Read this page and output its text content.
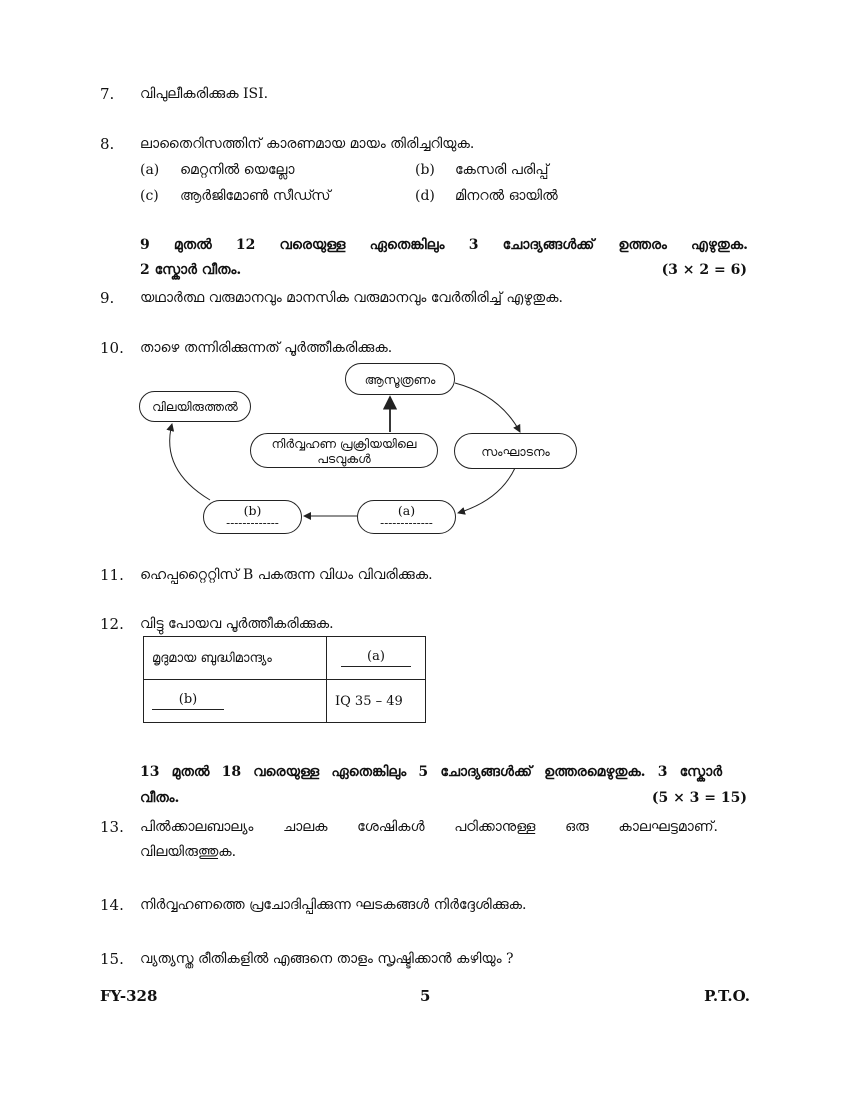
7. വിപുലീകരിക്കുക ISI.
8. ലാതൈറിസത്തിന് കാരണമായ മായം തിരിച്ചറിയുക.
(a) മെറ്റനിൽ യെല്ലോ	(b) കേസരി പരിപ്പ്
(c) ആർജിമോൺ സീഡ്സ്	(d) മിനറൽ ഓയിൽ
9 മുതൽ 12 വരെയുള്ള ഏതെങ്കിലും 3 ചോദ്യങ്ങൾക്ക് ഉത്തരം എഴുതുക.
2 സ്കോർ വീതം.	(3 × 2 = 6)
9. യഥാർത്ഥ വരുമാനവും മാനസിക വരുമാനവും വേർതിരിച്ച് എഴുതുക.
10. താഴെ തന്നിരിക്കുന്നത് പൂർത്തീകരിക്കുക.
ആസൂത്രണം
സംഘാടനം
വിലയിരുത്തൽ
നിർവ്വഹണ പ്രക്രിയയിലെ
പടവുകൾ
(a)
-------------
(b)
-------------
11. ഹെപ്പറ്റൈറ്റിസ് B പകരുന്ന വിധം വിവരിക്കുക.
12. വിട്ടു പോയവ പൂർത്തീകരിക്കുക.
മൃദുമായ ബുദ്ധിമാന്ദ്യം	(a)
(b)	IQ 35 – 49
13 മുതൽ 18 വരെയുള്ള ഏതെങ്കിലും 5 ചോദ്യങ്ങൾക്ക് ഉത്തരമെഴുതുക. 3 സ്കോർ
വീതം.	(5 × 3 = 15)
13. പിൽക്കാലബാല്യം ചാലക ശേഷികൾ പഠിക്കാനുള്ള ഒരു കാലഘട്ടമാണ്.
വിലയിരുത്തുക.
14. നിർവ്വഹണത്തെ പ്രചോദിപ്പിക്കുന്ന ഘടകങ്ങൾ നിർദ്ദേശിക്കുക.
15. വ്യത്യസ്ത രീതികളിൽ എങ്ങനെ താളം സൃഷ്ടിക്കാൻ കഴിയും ?
FY-328	5	P.T.O.
